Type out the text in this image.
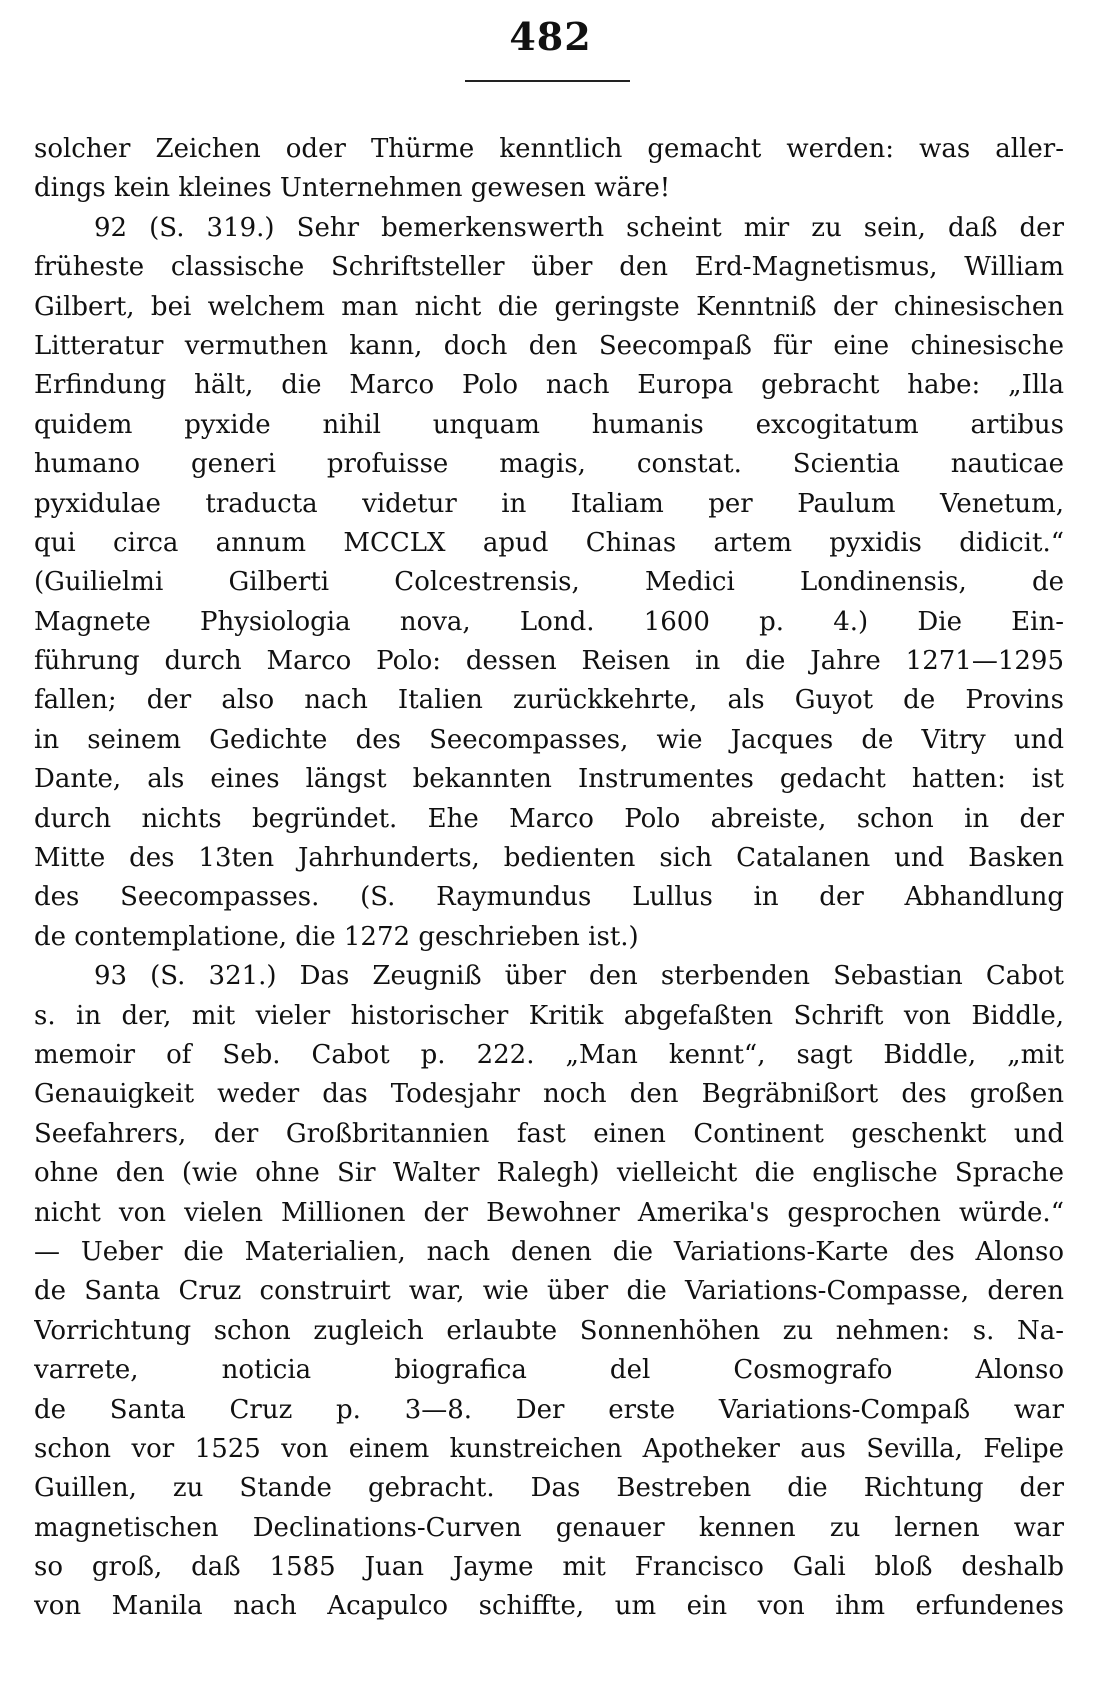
482
solcher Zeichen oder Thürme kenntlich gemacht werden: was aller-
dings kein kleines Unternehmen gewesen wäre!
92 (S. 319.) Sehr bemerkenswerth scheint mir zu sein, daß der
früheste classische Schriftsteller über den Erd-Magnetismus, William
Gilbert, bei welchem man nicht die geringste Kenntniß der chinesischen
Litteratur vermuthen kann, doch den Seecompaß für eine chinesische
Erfindung hält, die Marco Polo nach Europa gebracht habe: „Illa
quidem pyxide nihil unquam humanis excogitatum artibus
humano generi profuisse magis, constat. Scientia nauticae
pyxidulae traducta videtur in Italiam per Paulum Venetum,
qui circa annum MCCLX apud Chinas artem pyxidis didicit.“
(Guilielmi Gilberti Colcestrensis, Medici Londinensis, de
Magnete Physiologia nova, Lond. 1600 p. 4.) Die Ein-
führung durch Marco Polo: dessen Reisen in die Jahre 1271—1295
fallen; der also nach Italien zurückkehrte, als Guyot de Provins
in seinem Gedichte des Seecompasses, wie Jacques de Vitry und
Dante, als eines längst bekannten Instrumentes gedacht hatten: ist
durch nichts begründet. Ehe Marco Polo abreiste, schon in der
Mitte des 13ten Jahrhunderts, bedienten sich Catalanen und Basken
des Seecompasses. (S. Raymundus Lullus in der Abhandlung
de contemplatione, die 1272 geschrieben ist.)
93 (S. 321.) Das Zeugniß über den sterbenden Sebastian Cabot
s. in der, mit vieler historischer Kritik abgefaßten Schrift von Biddle,
memoir of Seb. Cabot p. 222. „Man kennt“, sagt Biddle, „mit
Genauigkeit weder das Todesjahr noch den Begräbnißort des großen
Seefahrers, der Großbritannien fast einen Continent geschenkt und
ohne den (wie ohne Sir Walter Ralegh) vielleicht die englische Sprache
nicht von vielen Millionen der Bewohner Amerika's gesprochen würde.“
— Ueber die Materialien, nach denen die Variations-Karte des Alonso
de Santa Cruz construirt war, wie über die Variations-Compasse, deren
Vorrichtung schon zugleich erlaubte Sonnenhöhen zu nehmen: s. Na-
varrete, noticia biografica del Cosmografo Alonso
de Santa Cruz p. 3—8. Der erste Variations-Compaß war
schon vor 1525 von einem kunstreichen Apotheker aus Sevilla, Felipe
Guillen, zu Stande gebracht. Das Bestreben die Richtung der
magnetischen Declinations-Curven genauer kennen zu lernen war
so groß, daß 1585 Juan Jayme mit Francisco Gali bloß deshalb
von Manila nach Acapulco schiffte, um ein von ihm erfundenes
